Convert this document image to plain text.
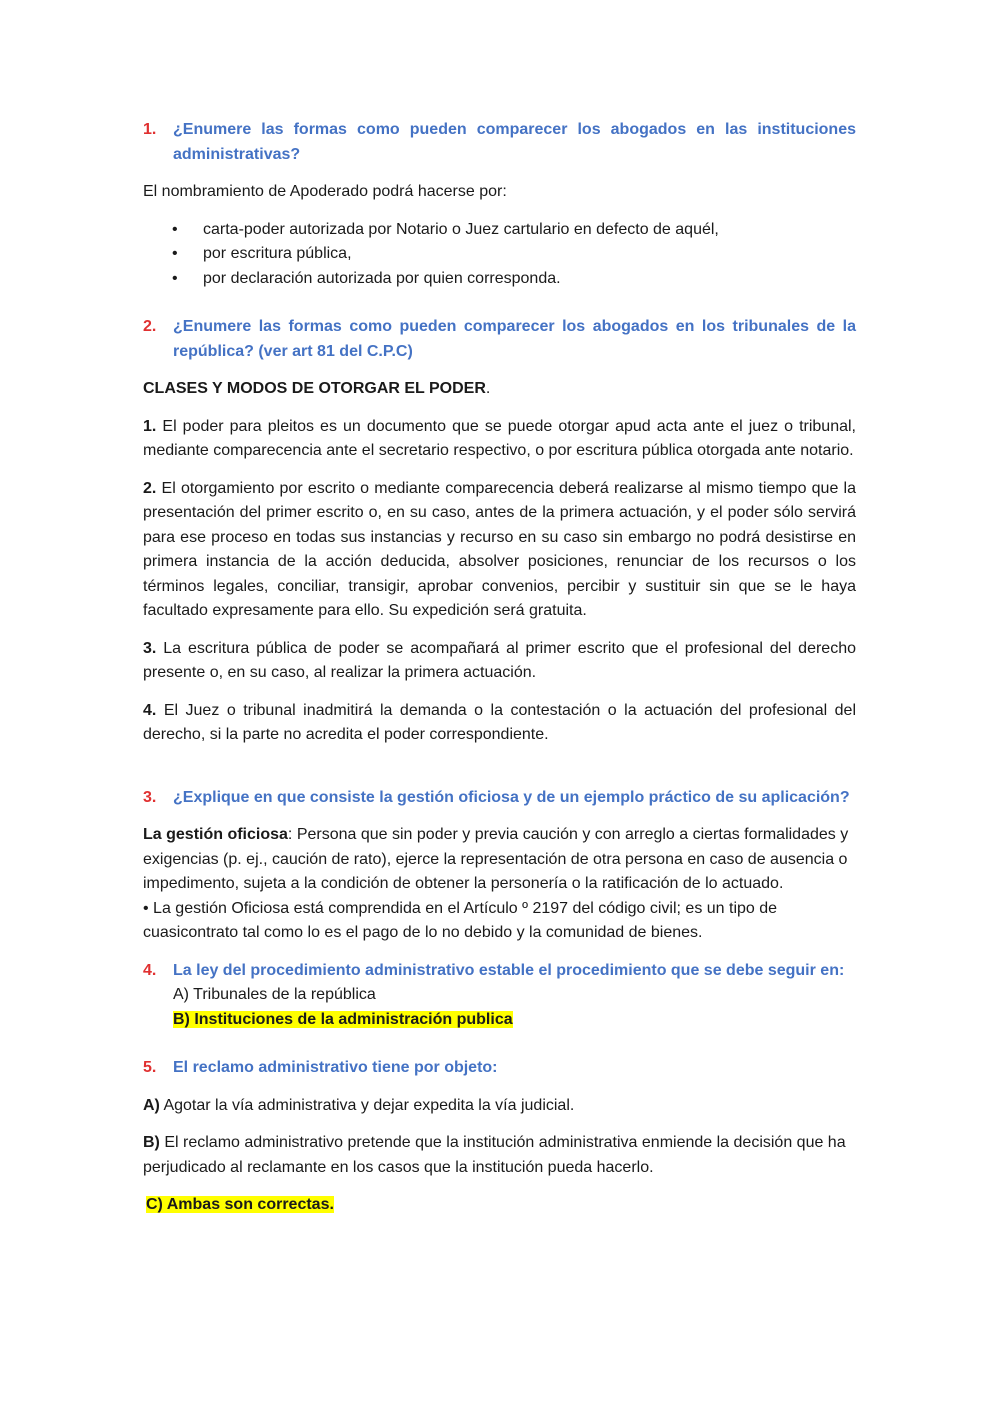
1.	¿Enumere las formas como pueden comparecer los abogados en las instituciones administrativas?

El nombramiento de Apoderado podrá hacerse por:

•	carta-poder autorizada por Notario o Juez cartulario en defecto de aquél,
•	por escritura pública,
•	por declaración autorizada por quien corresponda.
2.	¿Enumere las formas como pueden comparecer los abogados en los tribunales de la república? (ver art 81 del C.P.C)

CLASES Y MODOS DE OTORGAR EL PODER.

1. El poder para pleitos es un documento que se puede otorgar apud acta ante el juez o tribunal, mediante comparecencia ante el secretario respectivo, o por escritura pública otorgada ante notario.

2. El otorgamiento por escrito o mediante comparecencia deberá realizarse al mismo tiempo que la presentación del primer escrito o, en su caso, antes de la primera actuación, y el poder sólo servirá para ese proceso en todas sus instancias y recurso en su caso sin embargo no podrá desistirse en primera instancia de la acción deducida, absolver posiciones, renunciar de los recursos o los términos legales, conciliar, transigir, aprobar convenios, percibir y sustituir sin que se le haya facultado expresamente para ello. Su expedición será gratuita.

3. La escritura pública de poder se acompañará al primer escrito que el profesional del derecho presente o, en su caso, al realizar la primera actuación.

4. El Juez o tribunal inadmitirá la demanda o la contestación o la actuación del profesional del derecho, si la parte no acredita el poder correspondiente.

3.	¿Explique en que consiste la gestión oficiosa y de un ejemplo práctico de su aplicación?

La gestión oficiosa: Persona que sin poder y previa caución y con arreglo a ciertas formalidades y exigencias (p. ej., caución de rato), ejerce la representación de otra persona en caso de ausencia o impedimento, sujeta a la condición de obtener la personería o la ratificación de lo actuado.

• La gestión Oficiosa está comprendida en el Artículo º 2197 del código civil; es un tipo de cuasicontrato tal como lo es el pago de lo no debido y la comunidad de bienes.

4.	La ley del procedimiento administrativo estable el procedimiento que se debe seguir en:

A) Tribunales de la república

B) Instituciones de la administración publica

5.	El reclamo administrativo tiene por objeto:

A) Agotar la vía administrativa y dejar expedita la vía judicial.

B) El reclamo administrativo pretende que la institución administrativa enmiende la decisión que ha perjudicado al reclamante en los casos que la institución pueda hacerlo.

C) Ambas son correctas.
